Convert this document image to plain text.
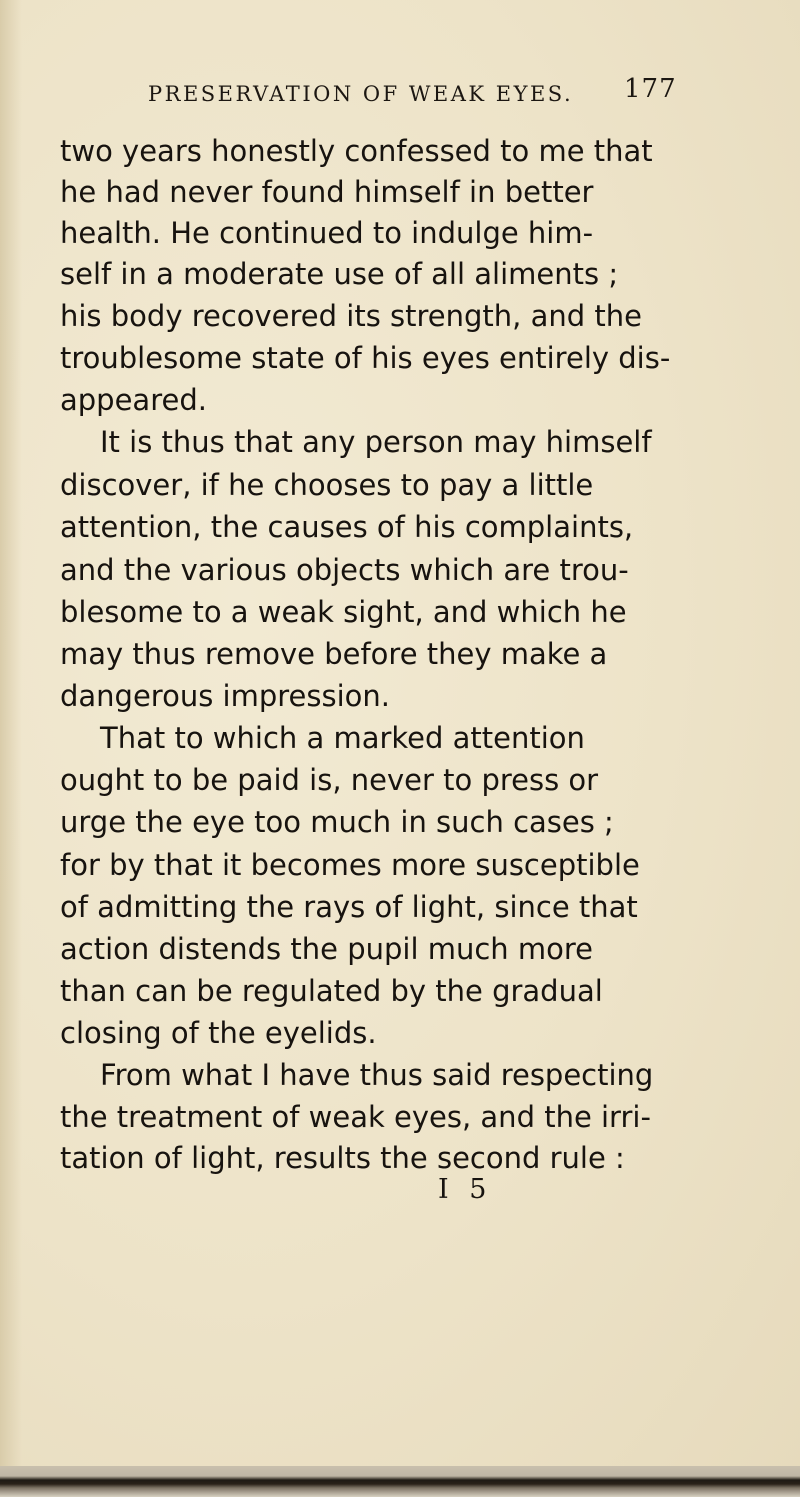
PRESERVATION OF WEAK EYES. 177
two years honestly confessed to me that
he had never found himself in better
health. He continued to indulge him-
self in a moderate use of all aliments ;
his body recovered its strength, and the
troublesome state of his eyes entirely dis-
appeared.
It is thus that any person may himself
discover, if he chooses to pay a little
attention, the causes of his complaints,
and the various objects which are trou-
blesome to a weak sight, and which he
may thus remove before they make a
dangerous impression.
That to which a marked attention
ought to be paid is, never to press or
urge the eye too much in such cases ;
for by that it becomes more susceptible
of admitting the rays of light, since that
action distends the pupil much more
than can be regulated by the gradual
closing of the eyelids.
From what I have thus said respecting
the treatment of weak eyes, and the irri-
tation of light, results the second rule :
I 5
